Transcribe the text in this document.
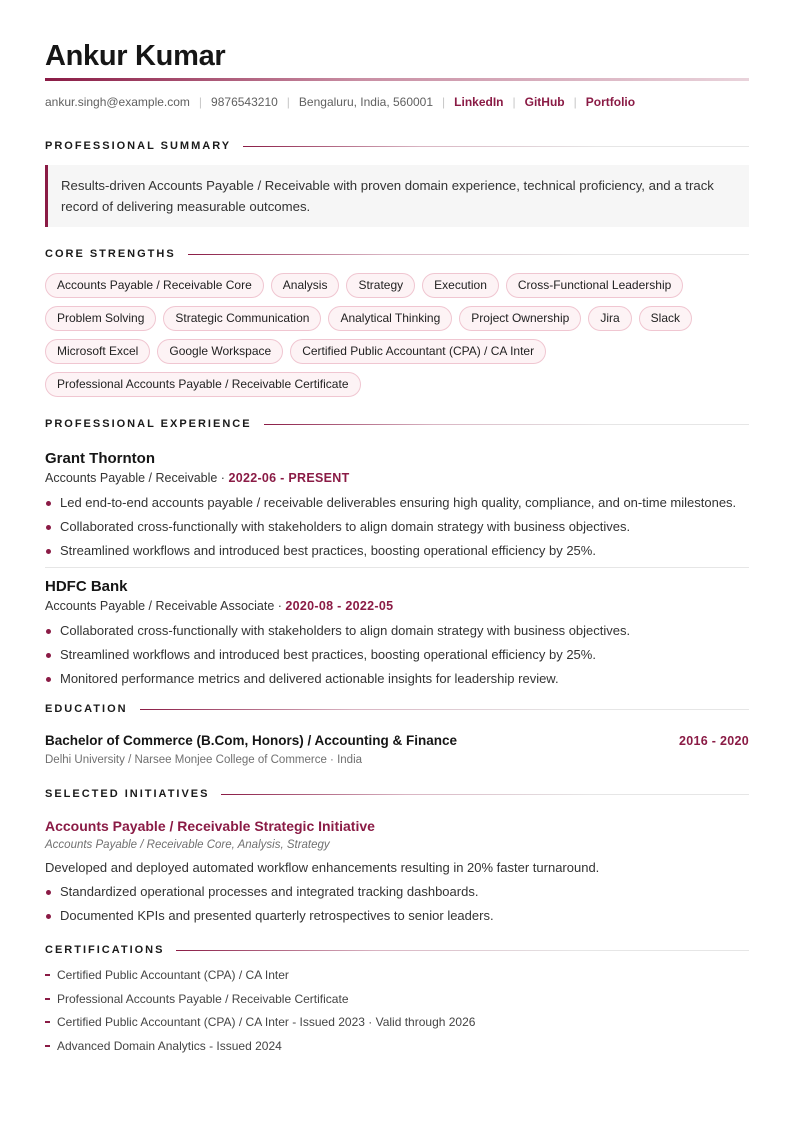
Ankur Kumar
ankur.singh@example.com | 9876543210 | Bengaluru, India, 560001 | LinkedIn | GitHub | Portfolio
PROFESSIONAL SUMMARY
Results-driven Accounts Payable / Receivable with proven domain experience, technical proficiency, and a track record of delivering measurable outcomes.
CORE STRENGTHS
Accounts Payable / Receivable Core	Analysis	Strategy	Execution	Cross-Functional Leadership
Problem Solving	Strategic Communication	Analytical Thinking	Project Ownership	Jira	Slack
Microsoft Excel	Google Workspace	Certified Public Accountant (CPA) / CA Inter
Professional Accounts Payable / Receivable Certificate
PROFESSIONAL EXPERIENCE
Grant Thornton
Accounts Payable / Receivable · 2022-06 - PRESENT
Led end-to-end accounts payable / receivable deliverables ensuring high quality, compliance, and on-time milestones.
Collaborated cross-functionally with stakeholders to align domain strategy with business objectives.
Streamlined workflows and introduced best practices, boosting operational efficiency by 25%.
HDFC Bank
Accounts Payable / Receivable Associate · 2020-08 - 2022-05
Collaborated cross-functionally with stakeholders to align domain strategy with business objectives.
Streamlined workflows and introduced best practices, boosting operational efficiency by 25%.
Monitored performance metrics and delivered actionable insights for leadership review.
EDUCATION
Bachelor of Commerce (B.Com, Honors) / Accounting & Finance	2016 - 2020
Delhi University / Narsee Monjee College of Commerce · India
SELECTED INITIATIVES
Accounts Payable / Receivable Strategic Initiative
Accounts Payable / Receivable Core, Analysis, Strategy
Developed and deployed automated workflow enhancements resulting in 20% faster turnaround.
Standardized operational processes and integrated tracking dashboards.
Documented KPIs and presented quarterly retrospectives to senior leaders.
CERTIFICATIONS
Certified Public Accountant (CPA) / CA Inter
Professional Accounts Payable / Receivable Certificate
Certified Public Accountant (CPA) / CA Inter - Issued 2023 · Valid through 2026
Advanced Domain Analytics - Issued 2024
